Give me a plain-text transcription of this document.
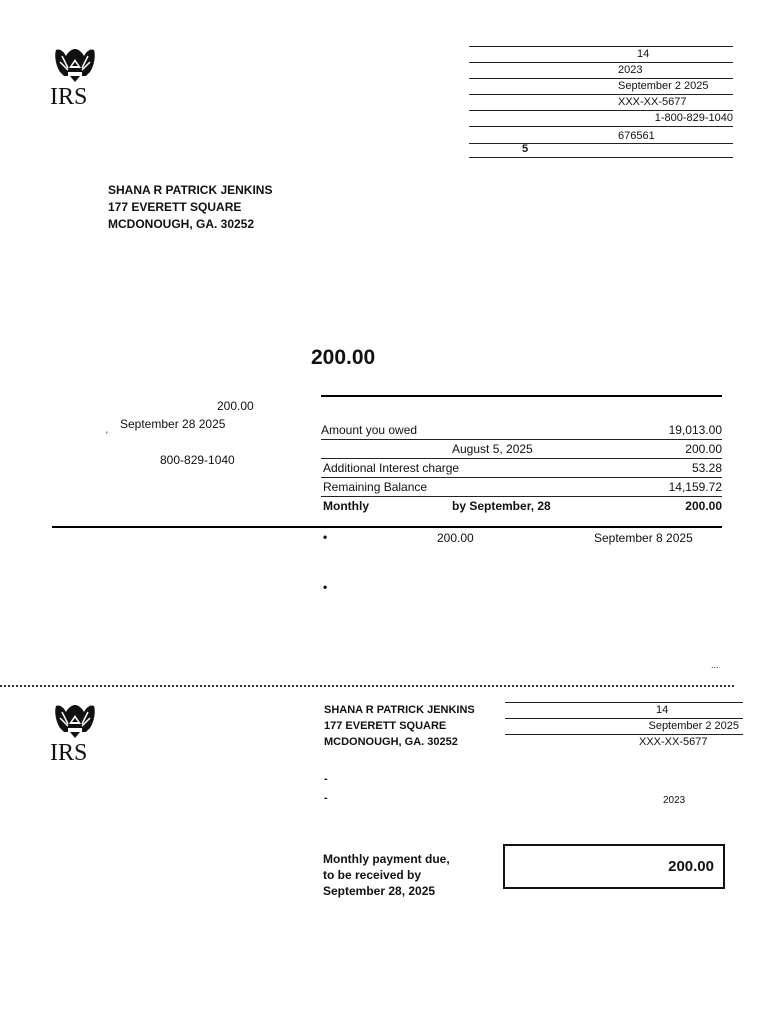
IRS
14
2023
September 2 2025
XXX-XX-5677
1-800-829-1040
676561
5
SHANA R PATRICK JENKINS
177 EVERETT SQUARE
MCDONOUGH, GA. 30252
200.00
200.00
September 28 2025
'
800-829-1040
Amount you owed	19,013.00
August 5, 2025	200.00
Additional Interest charge	53.28
Remaining Balance	14,159.72
Monthly	by September, 28	200.00
•	200.00	September 8 2025
•
...
IRS
SHANA R PATRICK JENKINS
177 EVERETT SQUARE
MCDONOUGH, GA. 30252
14
September 2 2025
XXX-XX-5677
-
-	2023
Monthly payment due,
to be received by
September 28, 2025
200.00
